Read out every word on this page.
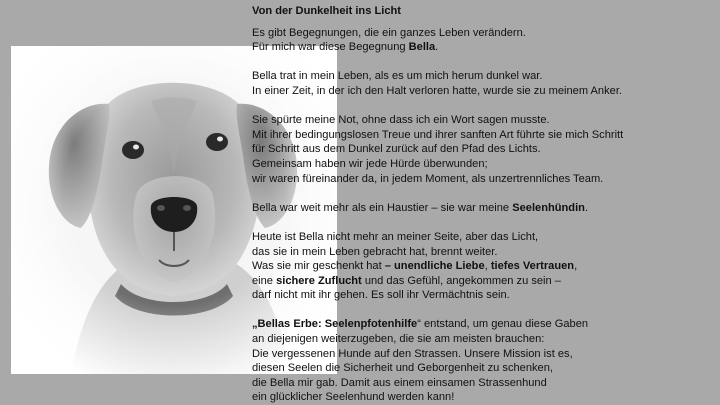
Von der Dunkelheit ins Licht
Es gibt Begegnungen, die ein ganzes Leben verändern.
Für mich war diese Begegnung Bella.
Bella trat in mein Leben, als es um mich herum dunkel war.
In einer Zeit, in der ich den Halt verloren hatte, wurde sie zu meinem Anker.
Sie spürte meine Not, ohne dass ich ein Wort sagen musste.
Mit ihrer bedingungslosen Treue und ihrer sanften Art führte sie mich Schritt
für Schritt aus dem Dunkel zurück auf den Pfad des Lichts.
Gemeinsam haben wir jede Hürde überwunden;
wir waren füreinander da, in jedem Moment, als unzertrennliches Team.
Bella war weit mehr als ein Haustier – sie war meine Seelenhündin.
Heute ist Bella nicht mehr an meiner Seite, aber das Licht,
das sie in mein Leben gebracht hat, brennt weiter.
Was sie mir geschenkt hat – unendliche Liebe, tiefes Vertrauen,
eine sichere Zuflucht und das Gefühl, angekommen zu sein –
darf nicht mit ihr gehen. Es soll ihr Vermächtnis sein.
„Bellas Erbe: Seelenpfotenhilfe“ entstand, um genau diese Gaben
an diejenigen weiterzugeben, die sie am meisten brauchen:
Die vergessenen Hunde auf den Strassen. Unsere Mission ist es,
diesen Seelen die Sicherheit und Geborgenheit zu schenken,
die Bella mir gab. Damit aus einem einsamen Strassenhund
ein glücklicher Seelenhund werden kann!
